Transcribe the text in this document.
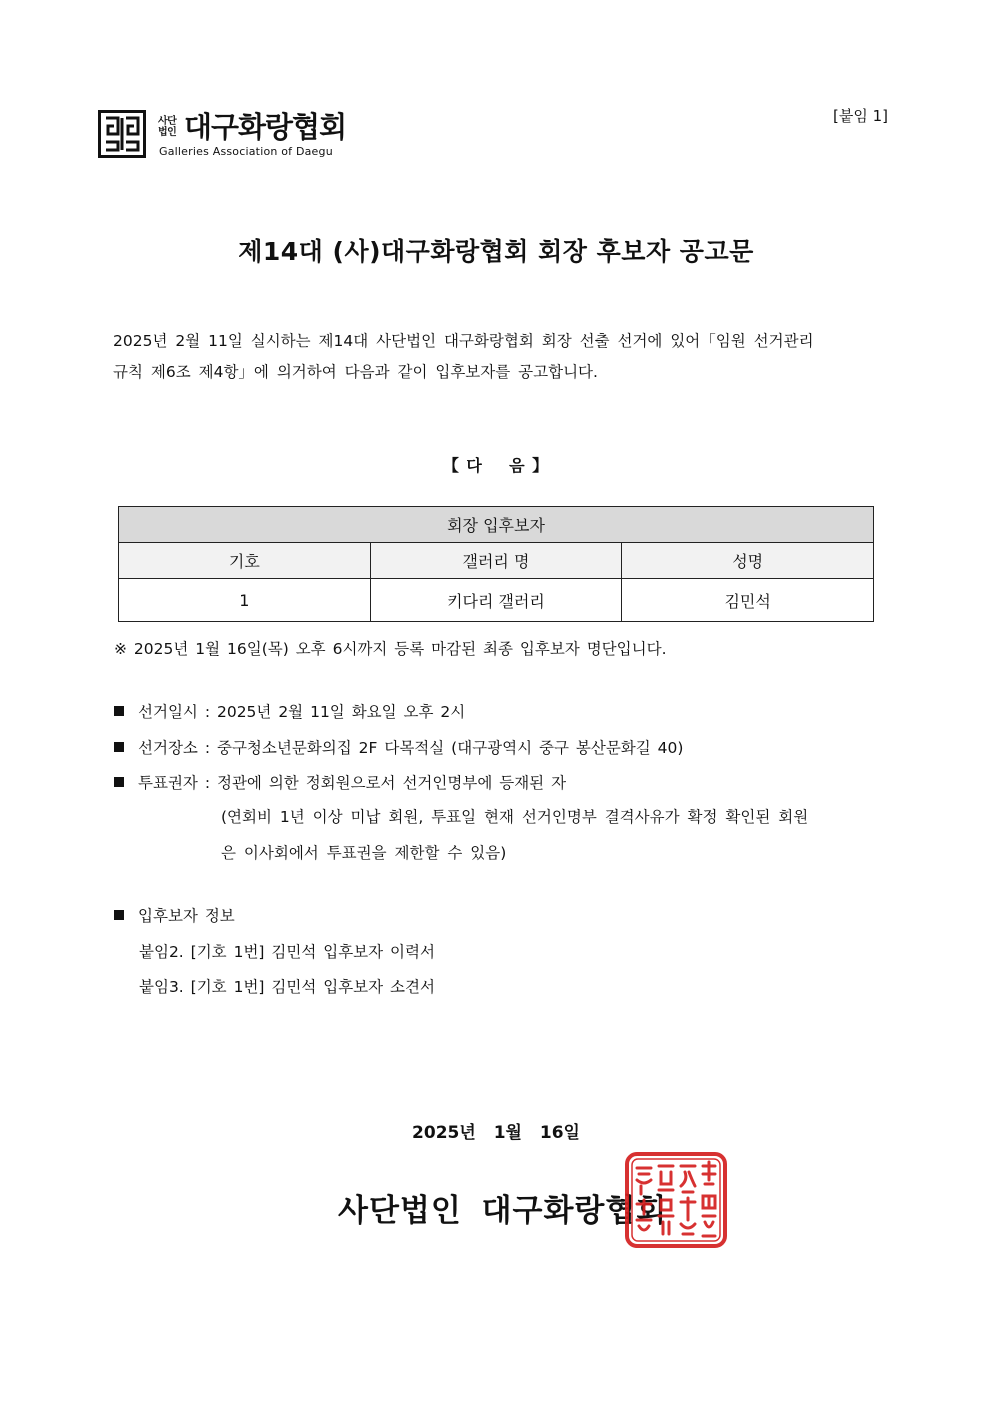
사단
법인 대구화랑협회
Galleries Association of Daegu
[붙임 1]
제14대 (사)대구화랑협회 회장 후보자 공고문
2025년 2월 11일 실시하는 제14대 사단법인 대구화랑협회 회장 선출 선거에 있어「임원 선거관리
규칙 제6조 제4항」에 의거하여 다음과 같이 입후보자를 공고합니다.
【 다    음 】
회장 입후보자		
기호	갤러리 명	성명
1	키다리 갤러리	김민석
※ 2025년 1월 16일(목) 오후 6시까지 등록 마감된 최종 입후보자 명단입니다.
선거일시 : 2025년 2월 11일 화요일 오후 2시
선거장소 : 중구청소년문화의집 2F 다목적실 (대구광역시 중구 봉산문화길 40)
투표권자 : 정관에 의한 정회원으로서 선거인명부에 등재된 자
(연회비 1년 이상 미납 회원, 투표일 현재 선거인명부 결격사유가 확정 확인된 회원
은 이사회에서 투표권을 제한할 수 있음)
입후보자 정보
붙임2. [기호 1번] 김민석 입후보자 이력서
붙임3. [기호 1번] 김민석 입후보자 소견서
2025년 1월 16일
사단법인 대구화랑협회
